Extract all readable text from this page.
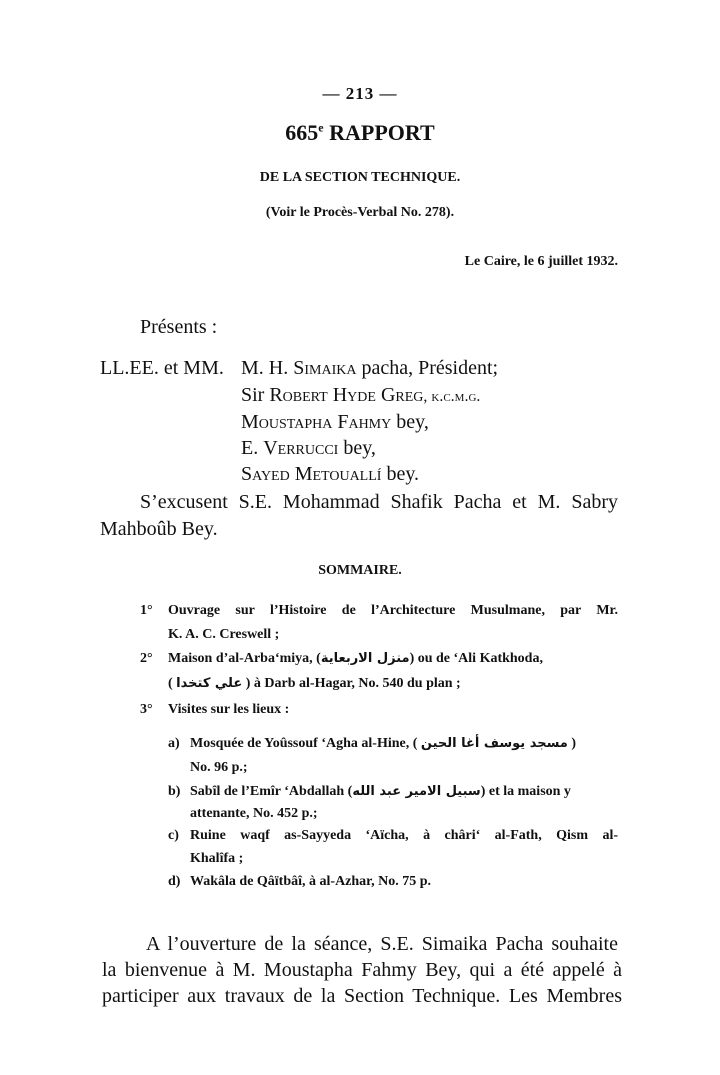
— 213 —
665e RAPPORT
DE LA SECTION TECHNIQUE.
(Voir le Procès-Verbal No. 278).
Le Caire, le 6 juillet 1932.
Présents :
LL.EE. et MM. M. H. Simaika pacha, Président;
Sir Robert Hyde Greg, k.c.m.g.
Moustapha Fahmy bey,
E. Verrucci bey,
Sayed Metouallí bey.
S’excusent S.E. Mohammad Shafik Pacha et M. Sabry
Mahboûb Bey.
SOMMAIRE.
1° Ouvrage sur l’Histoire de l’Architecture Musulmane, par Mr.
K. A. C. Creswell ;
2° Maison d’al-Arba‘miya, (منزل الاربعاية) ou de ‘Ali Katkhoda,
( علي كتخدا ) à Darb al-Hagar, No. 540 du plan ;
3° Visites sur les lieux :
a) Mosquée de Yoûssouf ‘Agha al-Hine, ( مسجد يوسف أغا الحين )
No. 96 p.;
b) Sabîl de l’Emîr ‘Abdallah (سبيل الامير عبد الله) et la maison y
attenante, No. 452 p.;
c) Ruine waqf as-Sayyeda ‘Aïcha, à châri‘ al-Fath, Qism al-
Khalîfa ;
d) Wakâla de Qâïtbâî, à al-Azhar, No. 75 p.
A l’ouverture de la séance, S.E. Simaika Pacha souhaite
la bienvenue à M. Moustapha Fahmy Bey, qui a été appelé à
participer aux travaux de la Section Technique. Les Membres
